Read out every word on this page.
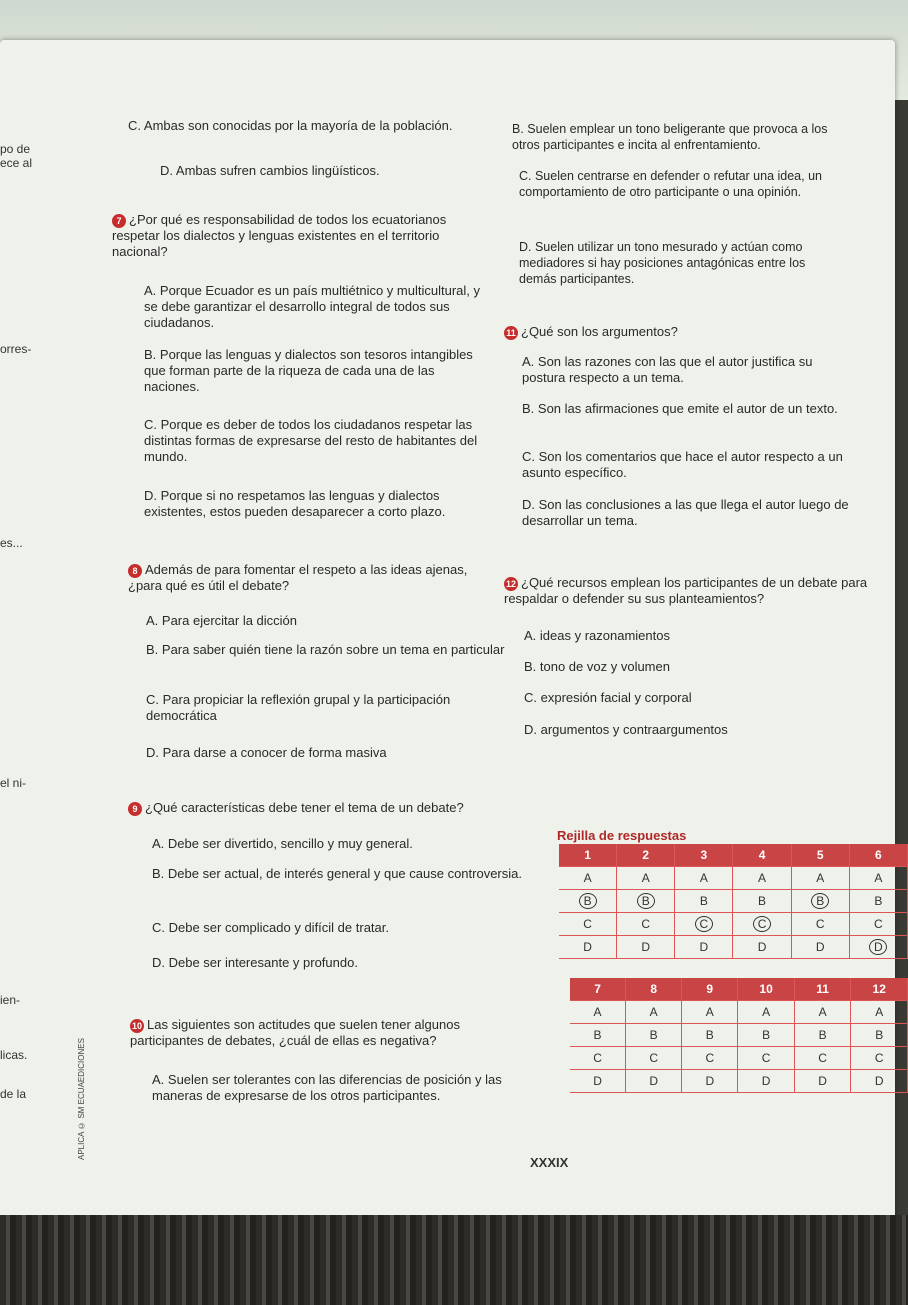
po de
ece al
orres-
es...
el ni-
ien-
licas.
de la
C. Ambas son conocidas por la mayoría de la población.
D. Ambas sufren cambios lingüísticos.
7 ¿Por qué es responsabilidad de todos los ecuatorianos respetar los dialectos y lenguas existentes en el territorio nacional?
A. Porque Ecuador es un país multiétnico y multicultural, y se debe garantizar el desarrollo integral de todos sus ciudadanos.
B. Porque las lenguas y dialectos son tesoros intangibles que forman parte de la riqueza de cada una de las naciones.
C. Porque es deber de todos los ciudadanos respetar las distintas formas de expresarse del resto de habitantes del mundo.
D. Porque si no respetamos las lenguas y dialectos existentes, estos pueden desaparecer a corto plazo.
8 Además de para fomentar el respeto a las ideas ajenas, ¿para qué es útil el debate?
A. Para ejercitar la dicción
B. Para saber quién tiene la razón sobre un tema en particular
C. Para propiciar la reflexión grupal y la participación democrática
D. Para darse a conocer de forma masiva
9 ¿Qué características debe tener el tema de un debate?
A. Debe ser divertido, sencillo y muy general.
B. Debe ser actual, de interés general y que cause controversia.
C. Debe ser complicado y difícil de tratar.
D. Debe ser interesante y profundo.
10 Las siguientes son actitudes que suelen tener algunos participantes de debates, ¿cuál de ellas es negativa?
A. Suelen ser tolerantes con las diferencias de posición y las maneras de expresarse de los otros participantes.
B. Suelen emplear un tono beligerante que provoca a los otros participantes e incita al enfrentamiento.
C. Suelen centrarse en defender o refutar una idea, un comportamiento de otro participante o una opinión.
D. Suelen utilizar un tono mesurado y actúan como mediadores si hay posiciones antagónicas entre los demás participantes.
11 ¿Qué son los argumentos?
A. Son las razones con las que el autor justifica su postura respecto a un tema.
B. Son las afirmaciones que emite el autor de un texto.
C. Son los comentarios que hace el autor respecto a un asunto específico.
D. Son las conclusiones a las que llega el autor luego de desarrollar un tema.
12 ¿Qué recursos emplean los participantes de un debate para respaldar o defender su sus planteamientos?
A. ideas y razonamientos
B. tono de voz y volumen
C. expresión facial y corporal
D. argumentos y contraargumentos
Rejilla de respuestas
1	2	3	4	5	6
A	A	A	A	A	A
B	B	B	B	B	B
C	C	C	C	C	C
D	D	D	D	D	D
7	8	9	10	11	12
A	A	A	A	A	A
B	B	B	B	B	B
C	C	C	C	C	C
D	D	D	D	D	D
APLICA © SM ECUAEDICIONES
XXXIX
